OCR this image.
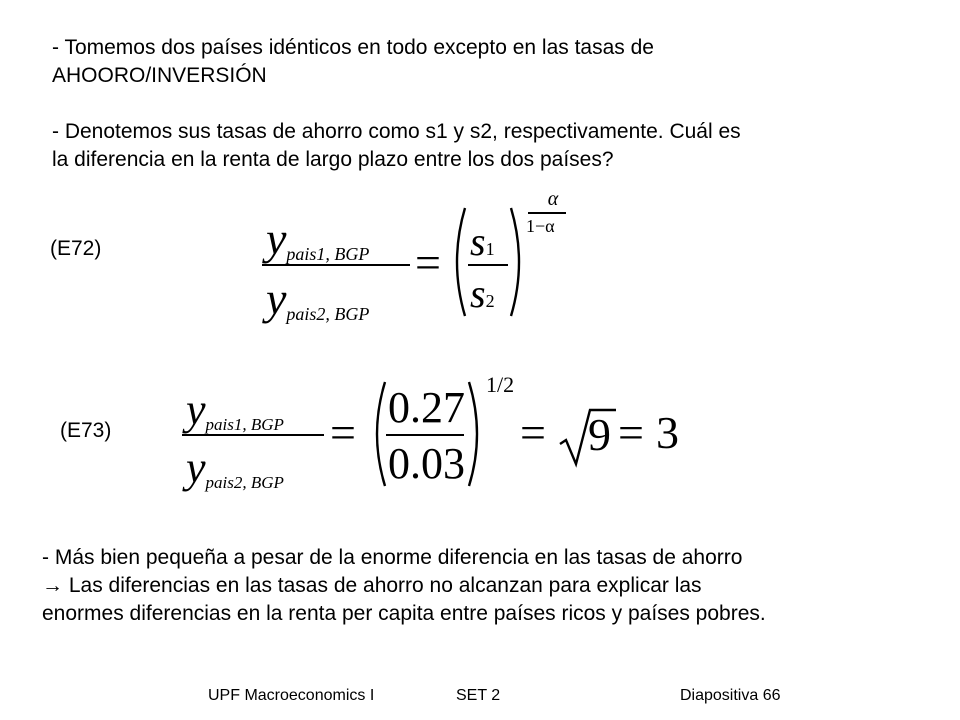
- Tomemos dos países idénticos en todo excepto en las tasas de
AHOORO/INVERSIÓN
- Denotemos sus tasas de ahorro como s1 y s2, respectivamente. Cuál es
la diferencia en la renta de largo plazo entre los dos países?
(E72)	ypais1, BGP
ypais2, BGP
= s1
s2
α
1−α
(E73) ypais1, BGP
ypais2, BGP
= 0.27
0.03
1/2
= 9 = 3
- Más bien pequeña a pesar de la enorme diferencia en las tasas de ahorro
→ Las diferencias en las tasas de ahorro no alcanzan para explicar las
enormes diferencias en la renta per capita entre países ricos y países pobres.
UPF Macroeconomics I	SET 2	Diapositiva 66
